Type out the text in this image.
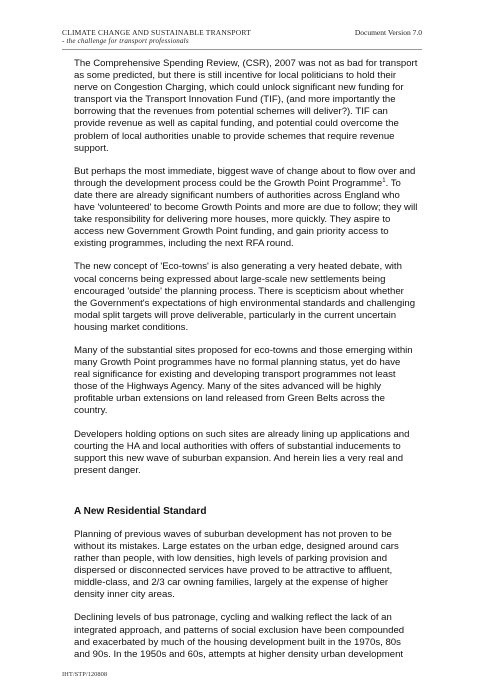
CLIMATE CHANGE AND SUSTAINABLE TRANSPORT
- the challenge for transport professionals
Document Version 7.0

The Comprehensive Spending Review, (CSR), 2007 was not as bad for transport as some predicted, but there is still incentive for local politicians to hold their nerve on Congestion Charging, which could unlock significant new funding for transport via the Transport Innovation Fund (TIF), (and more importantly the borrowing that the revenues from potential schemes will deliver?). TIF can provide revenue as well as capital funding, and potential could overcome the problem of local authorities unable to provide schemes that require revenue support.

But perhaps the most immediate, biggest wave of change about to flow over and through the development process could be the Growth Point Programme$^1$. To date there are already significant numbers of authorities across England who have 'volunteered' to become Growth Points and more are due to follow; they will take responsibility for delivering more houses, more quickly. They aspire to access new Government Growth Point funding, and gain priority access to existing programmes, including the next RFA round.

The new concept of 'Eco-towns' is also generating a very heated debate, with vocal concerns being expressed about large-scale new settlements being encouraged 'outside' the planning process. There is scepticism about whether the Government's expectations of high environmental standards and challenging modal split targets will prove deliverable, particularly in the current uncertain housing market conditions.

Many of the substantial sites proposed for eco-towns and those emerging within many Growth Point programmes have no formal planning status, yet do have real significance for existing and developing transport programmes not least those of the Highways Agency. Many of the sites advanced will be highly profitable urban extensions on land released from Green Belts across the country.

Developers holding options on such sites are already lining up applications and courting the HA and local authorities with offers of substantial inducements to support this new wave of suburban expansion. And herein lies a very real and present danger.

A New Residential Standard

Planning of previous waves of suburban development has not proven to be without its mistakes. Large estates on the urban edge, designed around cars rather than people, with low densities, high levels of parking provision and dispersed or disconnected services have proved to be attractive to affluent, middle-class, and 2/3 car owning families, largely at the expense of higher density inner city areas.

Declining levels of bus patronage, cycling and walking reflect the lack of an integrated approach, and patterns of social exclusion have been compounded and exacerbated by much of the housing development built in the 1970s, 80s and 90s. In the 1950s and 60s, attempts at higher density urban development

IHT/STP/120808
